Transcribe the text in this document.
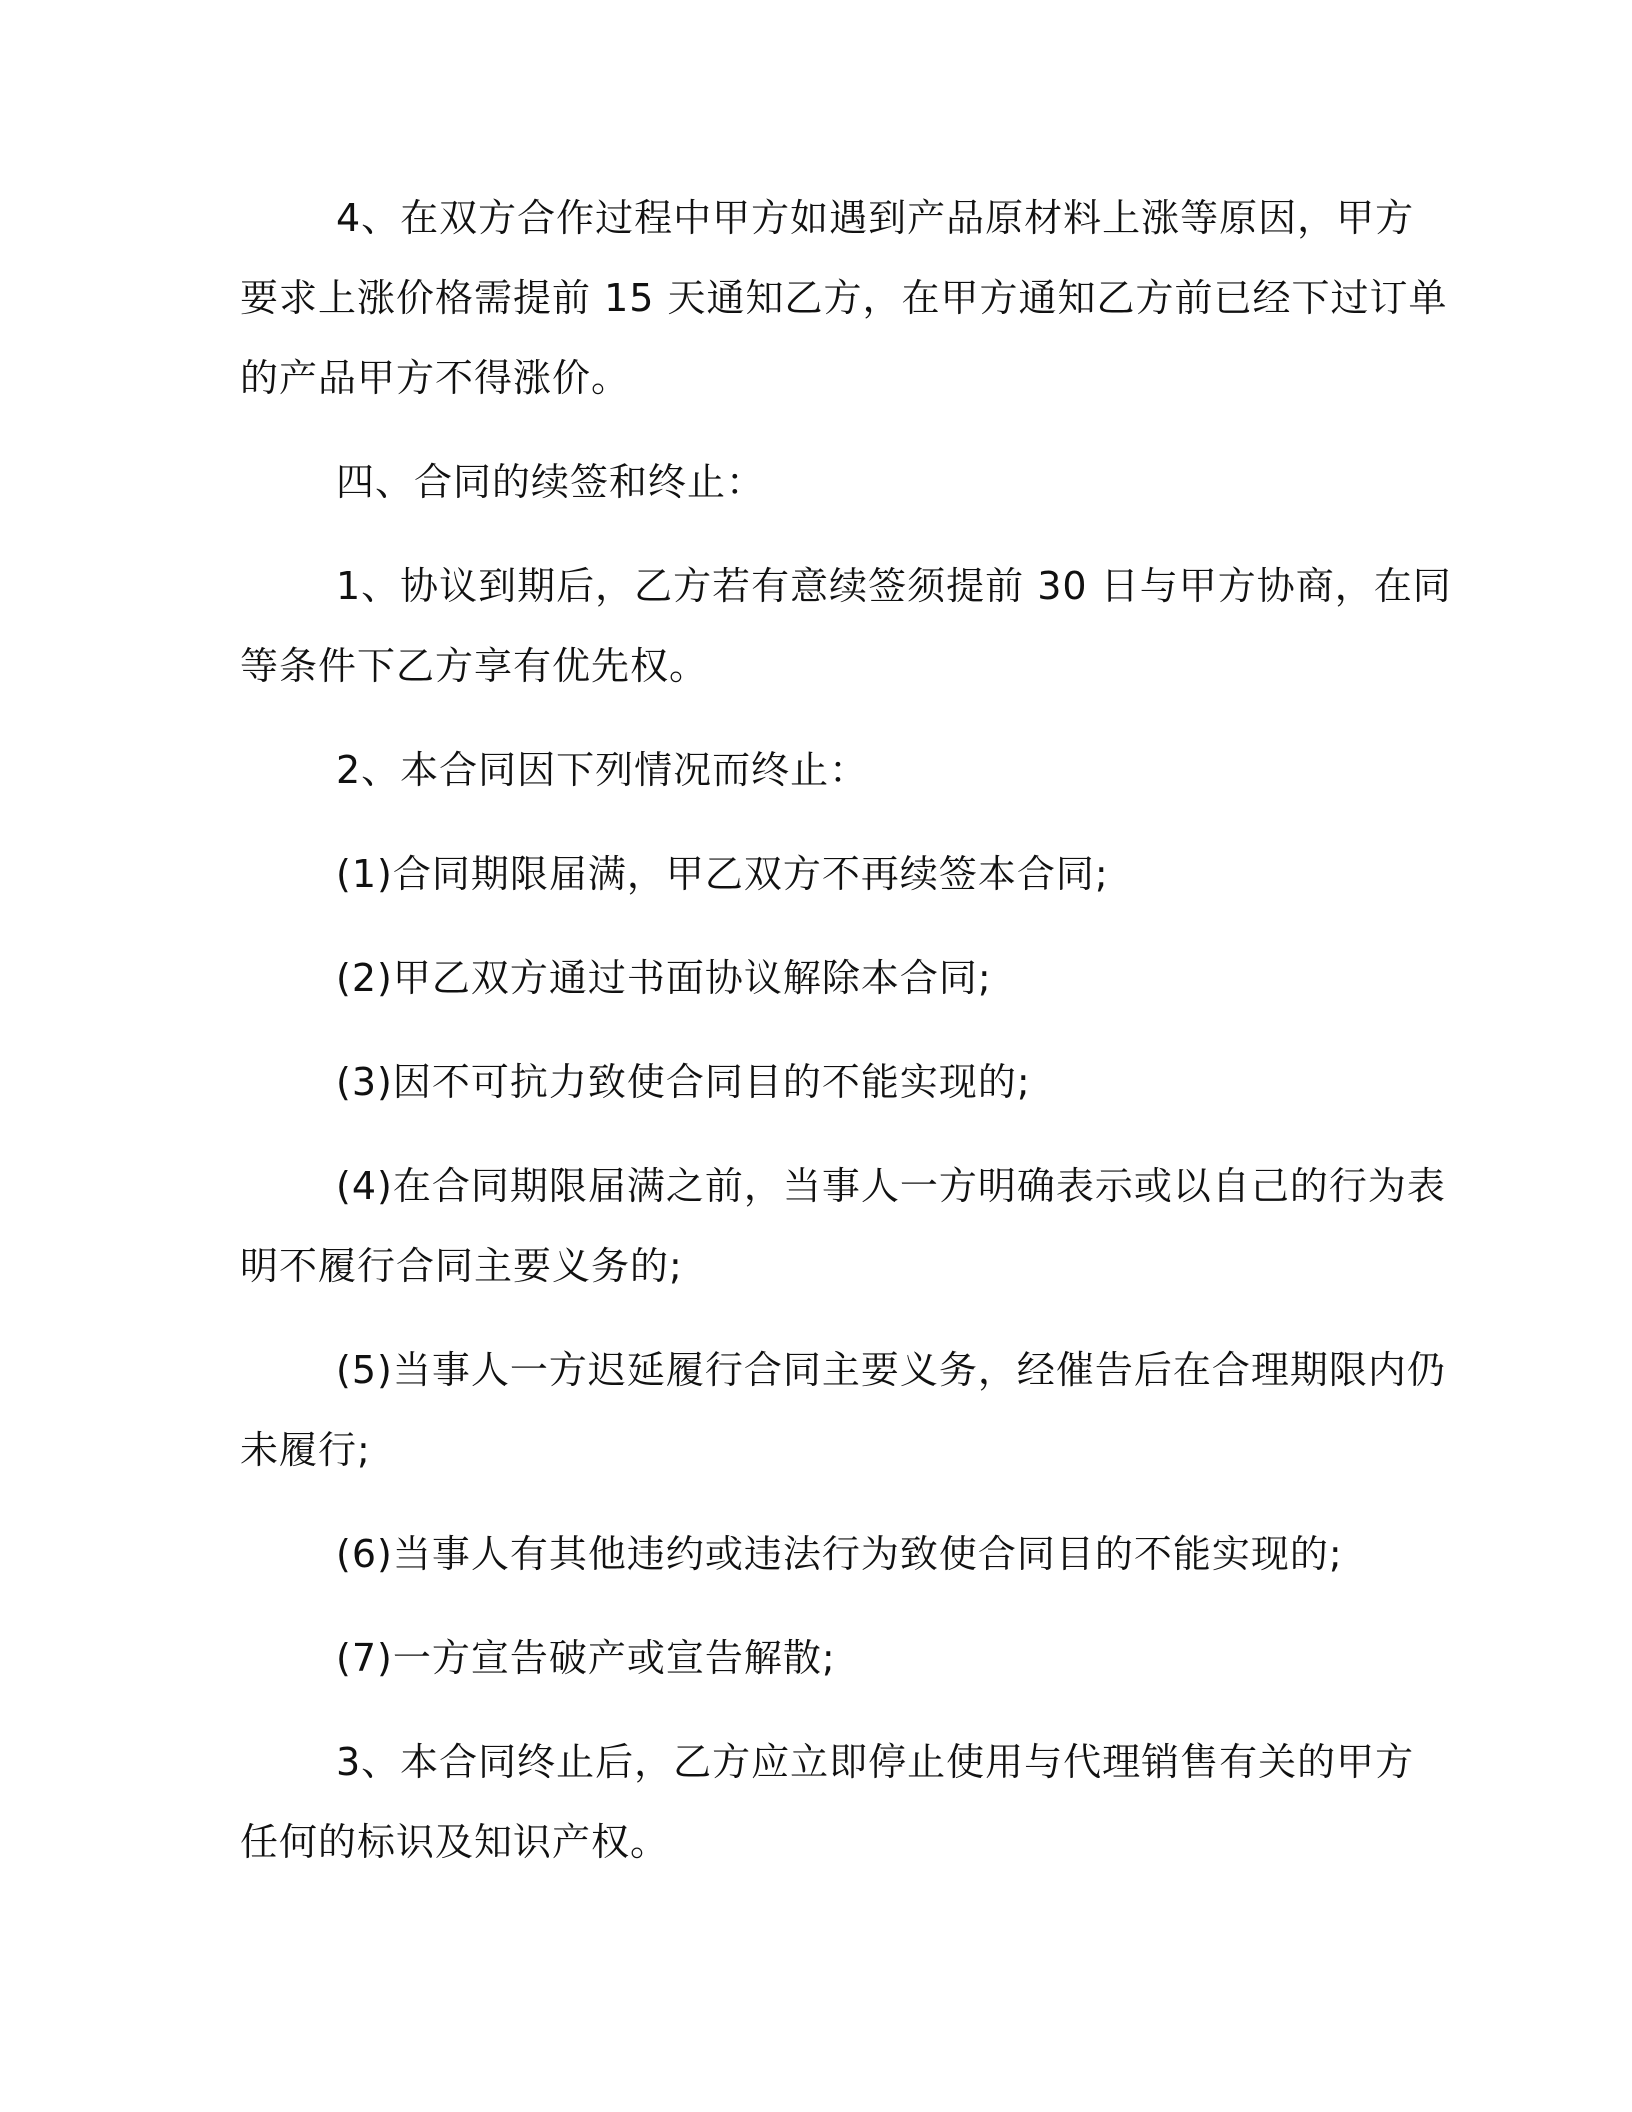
4、在双方合作过程中甲方如遇到产品原材料上涨等原因，甲方
要求上涨价格需提前 15 天通知乙方，在甲方通知乙方前已经下过订单
的产品甲方不得涨价。

四、合同的续签和终止：

1、协议到期后，乙方若有意续签须提前 30 日与甲方协商，在同
等条件下乙方享有优先权。

2、本合同因下列情况而终止：

(1)合同期限届满，甲乙双方不再续签本合同;

(2)甲乙双方通过书面协议解除本合同;

(3)因不可抗力致使合同目的不能实现的;

(4)在合同期限届满之前，当事人一方明确表示或以自己的行为表
明不履行合同主要义务的;

(5)当事人一方迟延履行合同主要义务，经催告后在合理期限内仍
未履行;

(6)当事人有其他违约或违法行为致使合同目的不能实现的;

(7)一方宣告破产或宣告解散;

3、本合同终止后，乙方应立即停止使用与代理销售有关的甲方
任何的标识及知识产权。
